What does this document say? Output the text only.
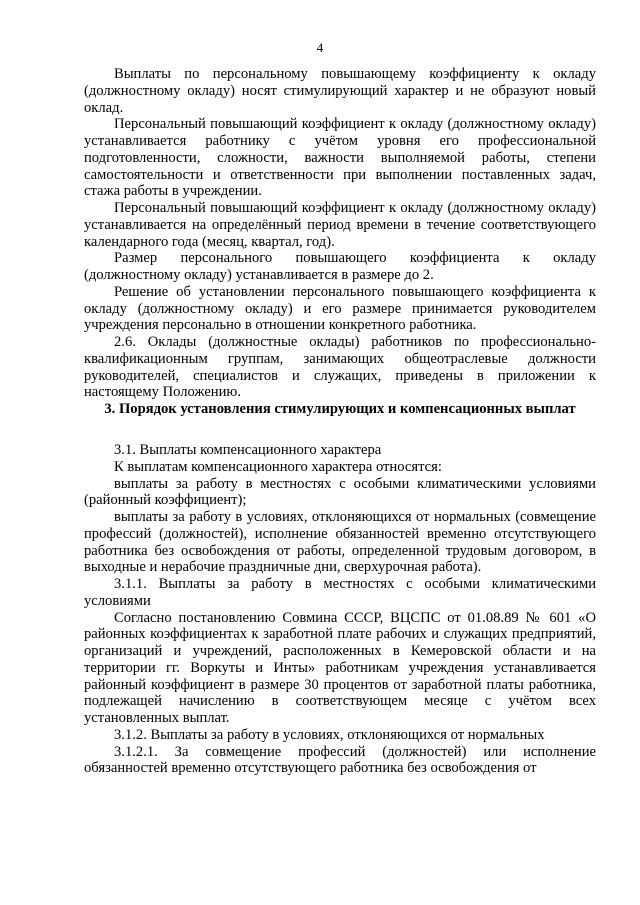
4

Выплаты по персональному повышающему коэффициенту к окладу (должностному окладу) носят стимулирующий характер и не образуют новый оклад.

Персональный повышающий коэффициент к окладу (должностному окладу) устанавливается работнику с учётом уровня его профессиональной подготовленности, сложности, важности выполняемой работы, степени самостоятельности и ответственности при выполнении поставленных задач, стажа работы в учреждении.

Персональный повышающий коэффициент к окладу (должностному окладу) устанавливается на определённый период времени в течение соответствующего календарного года (месяц, квартал, год).

Размер персонального повышающего коэффициента к окладу (должностному окладу) устанавливается в размере до 2.

Решение об установлении персонального повышающего коэффициента к окладу (должностному окладу) и его размере принимается руководителем учреждения персонально в отношении конкретного работника.

2.6. Оклады (должностные оклады) работников по профессионально-квалификационным группам, занимающих общеотраслевые должности руководителей, специалистов и служащих, приведены в приложении к настоящему Положению.

3. Порядок установления стимулирующих и компенсационных выплат

3.1. Выплаты компенсационного характера

К выплатам компенсационного характера относятся:

выплаты за работу в местностях с особыми климатическими условиями (районный коэффициент);

выплаты за работу в условиях, отклоняющихся от нормальных (совмещение профессий (должностей), исполнение обязанностей временно отсутствующего работника без освобождения от работы, определенной трудовым договором, в выходные и нерабочие праздничные дни, сверхурочная работа).

3.1.1. Выплаты за работу в местностях с особыми климатическими условиями

Согласно постановлению Совмина СССР, ВЦСПС от 01.08.89 № 601 «О районных коэффициентах к заработной плате рабочих и служащих предприятий, организаций и учреждений, расположенных в Кемеровской области и на территории гг. Воркуты и Инты» работникам учреждения устанавливается районный коэффициент в размере 30 процентов от заработной платы работника, подлежащей начислению в соответствующем месяце с учётом всех установленных выплат.

3.1.2. Выплаты за работу в условиях, отклоняющихся от нормальных

3.1.2.1. За совмещение профессий (должностей) или исполнение обязанностей временно отсутствующего работника без освобождения от
